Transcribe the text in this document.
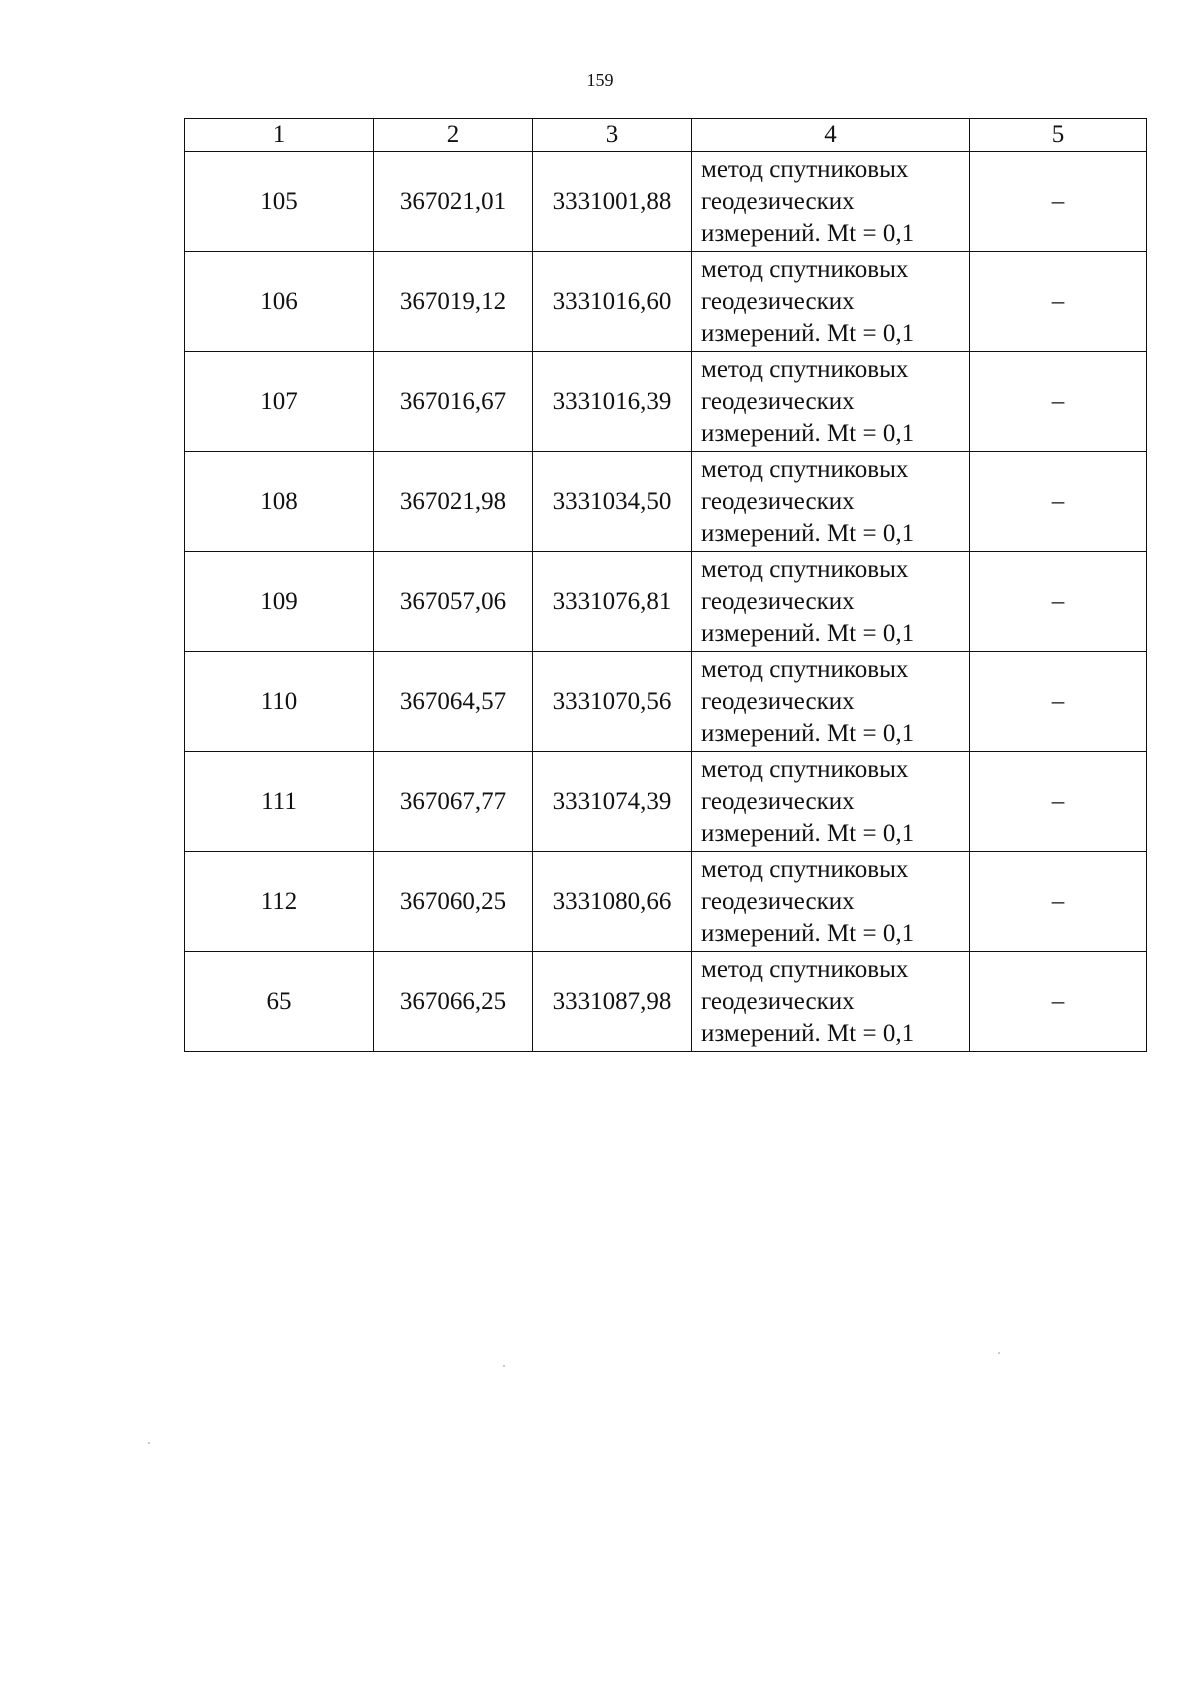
159
1	2	3	4	5
105	367021,01	3331001,88	метод спутниковых
геодезических
измерений. Mt = 0,1	–
106	367019,12	3331016,60	метод спутниковых
геодезических
измерений. Mt = 0,1	–
107	367016,67	3331016,39	метод спутниковых
геодезических
измерений. Mt = 0,1	–
108	367021,98	3331034,50	метод спутниковых
геодезических
измерений. Mt = 0,1	–
109	367057,06	3331076,81	метод спутниковых
геодезических
измерений. Mt = 0,1	–
110	367064,57	3331070,56	метод спутниковых
геодезических
измерений. Mt = 0,1	–
111	367067,77	3331074,39	метод спутниковых
геодезических
измерений. Mt = 0,1	–
112	367060,25	3331080,66	метод спутниковых
геодезических
измерений. Mt = 0,1	–
65	367066,25	3331087,98	метод спутниковых
геодезических
измерений. Mt = 0,1	–
